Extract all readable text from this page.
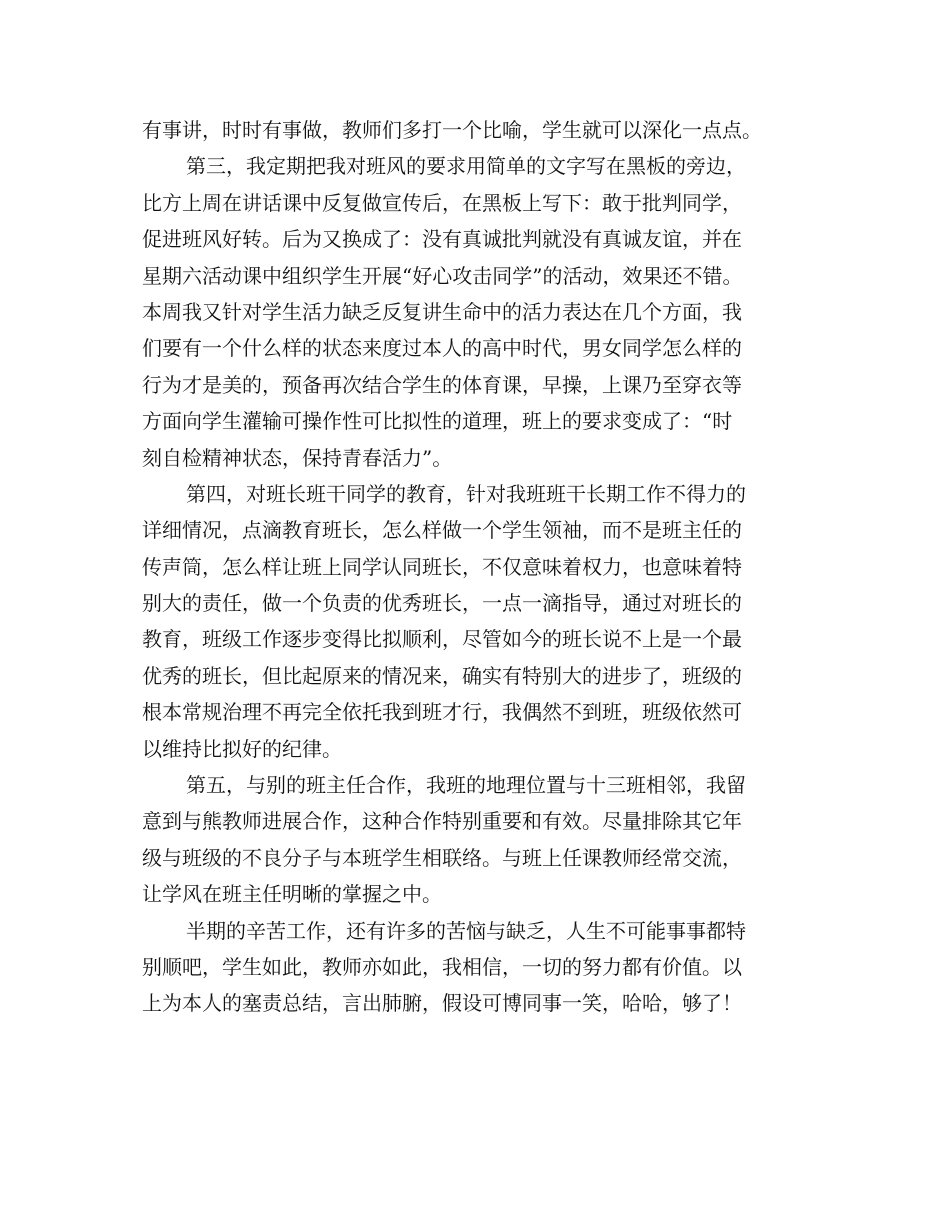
有事讲，时时有事做，教师们多打一个比喻，学生就可以深化一点点。
第三，我定期把我对班风的要求用简单的文字写在黑板的旁边，
比方上周在讲话课中反复做宣传后，在黑板上写下：敢于批判同学，
促进班风好转。后为又换成了：没有真诚批判就没有真诚友谊，并在
星期六活动课中组织学生开展“好心攻击同学”的活动，效果还不错。
本周我又针对学生活力缺乏反复讲生命中的活力表达在几个方面，我
们要有一个什么样的状态来度过本人的高中时代，男女同学怎么样的
行为才是美的，预备再次结合学生的体育课，早操，上课乃至穿衣等
方面向学生灌输可操作性可比拟性的道理，班上的要求变成了：“时
刻自检精神状态，保持青春活力”。
第四，对班长班干同学的教育，针对我班班干长期工作不得力的
详细情况，点滴教育班长，怎么样做一个学生领袖，而不是班主任的
传声筒，怎么样让班上同学认同班长，不仅意味着权力，也意味着特
别大的责任，做一个负责的优秀班长，一点一滴指导，通过对班长的
教育，班级工作逐步变得比拟顺利，尽管如今的班长说不上是一个最
优秀的班长，但比起原来的情况来，确实有特别大的进步了，班级的
根本常规治理不再完全依托我到班才行，我偶然不到班，班级依然可
以维持比拟好的纪律。
第五，与别的班主任合作，我班的地理位置与十三班相邻，我留
意到与熊教师进展合作，这种合作特别重要和有效。尽量排除其它年
级与班级的不良分子与本班学生相联络。与班上任课教师经常交流，
让学风在班主任明晰的掌握之中。
半期的辛苦工作，还有许多的苦恼与缺乏，人生不可能事事都特
别顺吧，学生如此，教师亦如此，我相信，一切的努力都有价值。以
上为本人的塞责总结，言出肺腑，假设可博同事一笑，哈哈，够了！
